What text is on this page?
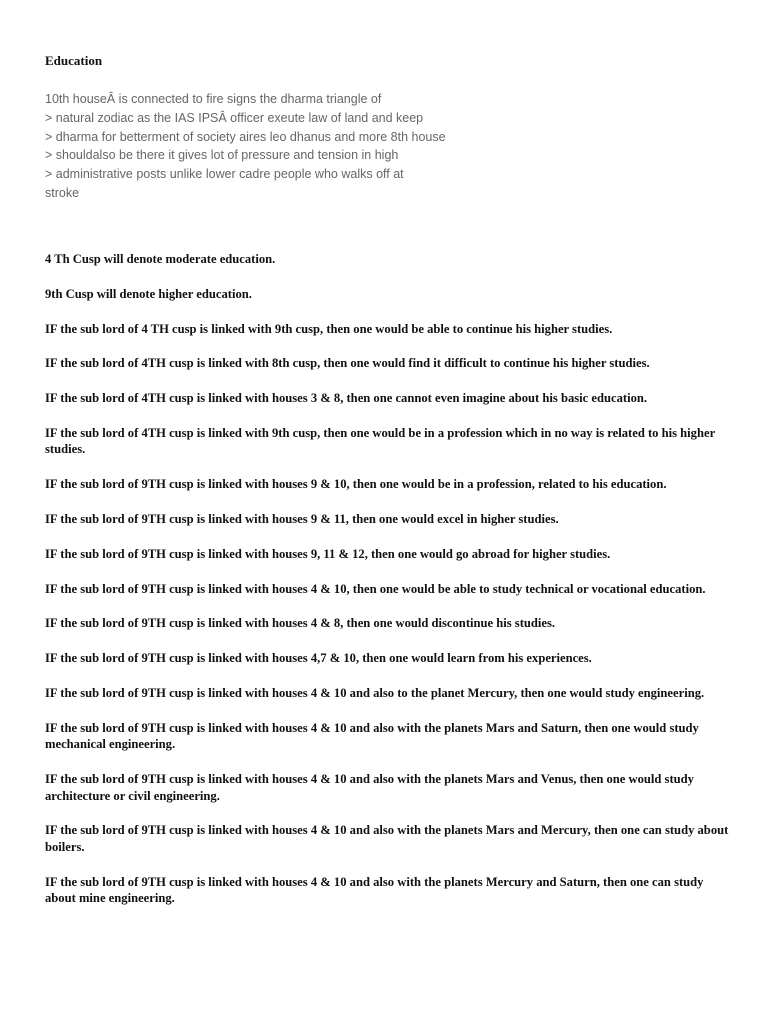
Education
10th houseÂ is connected to fire signs the dharma triangle of
> natural zodiac as the IAS IPSÂ officer exeute law of land and keep
> dharma for betterment of society aires leo dhanus and more 8th house
> shouldalso be there it gives lot of pressure and tension in high
> administrative posts unlike lower cadre people who walks off at
stroke

4 Th Cusp will denote moderate education.

9th Cusp will denote higher education.

IF the sub lord of 4 TH cusp is linked with 9th cusp, then one would be able to continue his higher studies.

IF the sub lord of 4TH cusp is linked with 8th cusp, then one would find it difficult to continue his higher studies.

IF the sub lord of 4TH cusp is linked with houses 3 & 8, then one cannot even imagine about his basic education.

IF the sub lord of 4TH cusp is linked with 9th cusp, then one would be in a profession which in no way is related to his higher studies.

IF the sub lord of 9TH cusp is linked with houses 9 & 10, then one would be in a profession, related to his education.

IF the sub lord of 9TH cusp is linked with houses 9 & 11, then one would excel in higher studies.

IF the sub lord of 9TH cusp is linked with houses 9, 11 & 12, then one would go abroad for higher studies.

IF the sub lord of 9TH cusp is linked with houses 4 & 10, then one would be able to study technical or vocational education.

IF the sub lord of 9TH cusp is linked with houses 4 & 8, then one would discontinue his studies.

IF the sub lord of 9TH cusp is linked with houses 4,7 & 10, then one would learn from his experiences.

IF the sub lord of 9TH cusp is linked with houses 4 & 10 and also to the planet Mercury, then one would study engineering.

IF the sub lord of 9TH cusp is linked with houses 4 & 10 and also with the planets Mars and Saturn, then one would study mechanical engineering.

IF the sub lord of 9TH cusp is linked with houses 4 & 10 and also with the planets Mars and Venus, then one would study architecture or civil engineering.

IF the sub lord of 9TH cusp is linked with houses 4 & 10 and also with the planets Mars and Mercury, then one can study about boilers.

IF the sub lord of 9TH cusp is linked with houses 4 & 10 and also with the planets Mercury and Saturn, then one can study about mine engineering.
